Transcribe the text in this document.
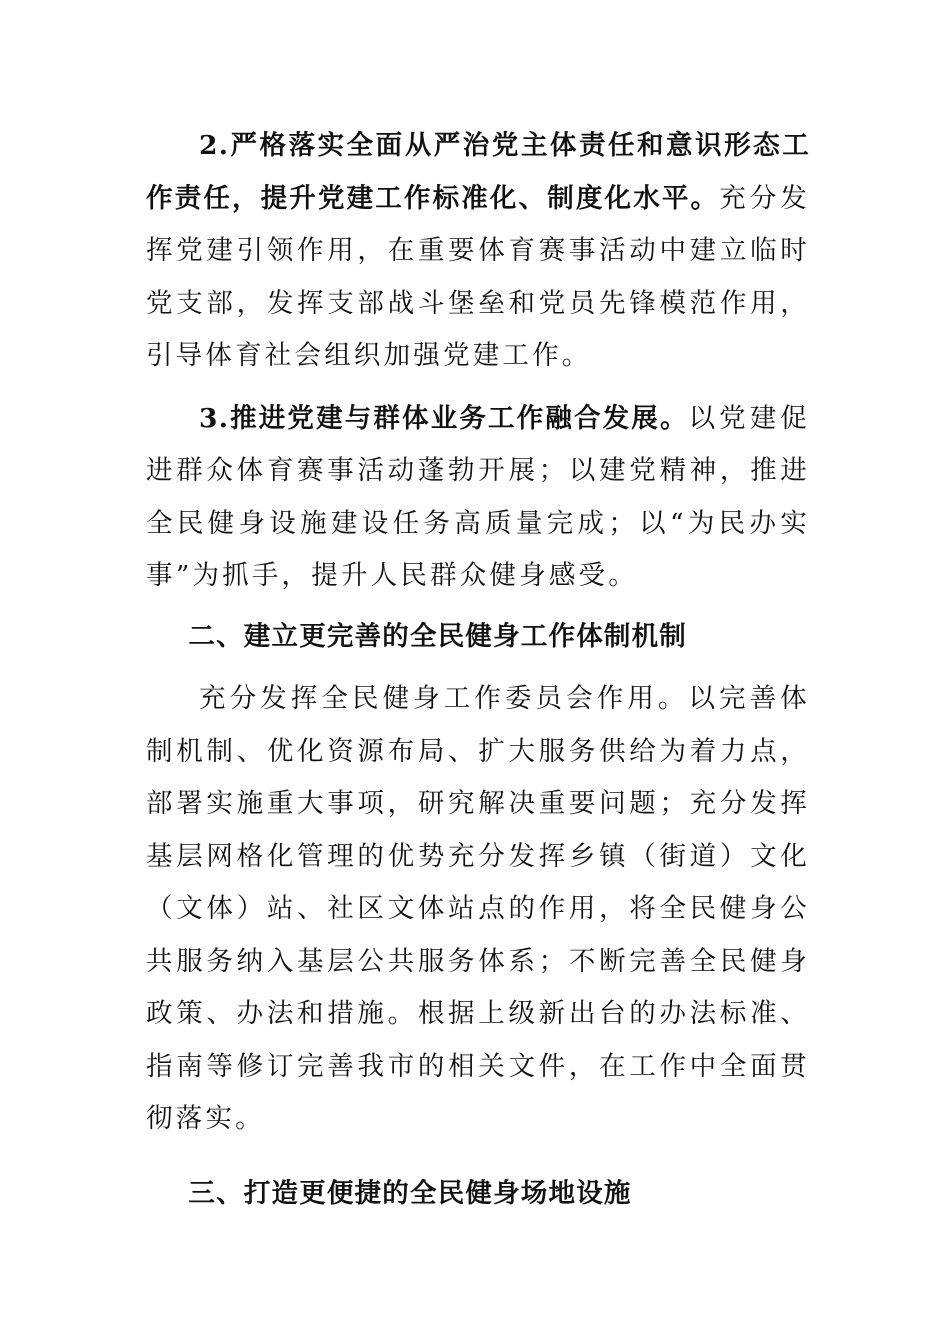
2.严格落实全面从严治党主体责任和意识形态工作责任，提升党建工作标准化、制度化水平。充分发挥党建引领作用，在重要体育赛事活动中建立临时党支部，发挥支部战斗堡垒和党员先锋模范作用，引导体育社会组织加强党建工作。

3.推进党建与群体业务工作融合发展。以党建促进群众体育赛事活动蓬勃开展；以建党精神，推进全民健身设施建设任务高质量完成；以“为民办实事”为抓手，提升人民群众健身感受。

二、建立更完善的全民健身工作体制机制

充分发挥全民健身工作委员会作用。以完善体制机制、优化资源布局、扩大服务供给为着力点，部署实施重大事项，研究解决重要问题；充分发挥基层网格化管理的优势充分发挥乡镇（街道）文化（文体）站、社区文体站点的作用，将全民健身公共服务纳入基层公共服务体系；不断完善全民健身政策、办法和措施。根据上级新出台的办法标准、指南等修订完善我市的相关文件，在工作中全面贯彻落实。

三、打造更便捷的全民健身场地设施
